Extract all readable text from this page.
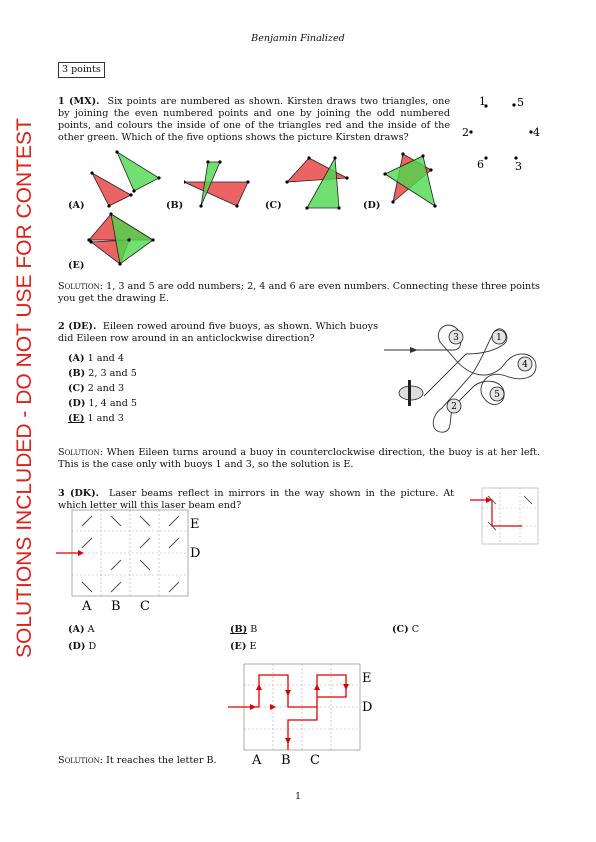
SOLUTIONS INCLUDED - DO NOT USE FOR CONTEST
Benjamin Finalized
3 points
1 (MX). Six points are numbered as shown. Kirsten draws two triangles, one by joining the even numbered points and one by joining the odd numbered points, and colours the inside of one of the triangles red and the inside of the other green. Which of the five options shows the picture Kirsten draws?
1	5
2	4
6	3
(A)	(B)	(C)	(D)
(E)
Solution: 1, 3 and 5 are odd numbers; 2, 4 and 6 are even numbers. Connecting these three points you get the drawing E.
2 (DE). Eileen rowed around five buoys, as shown. Which buoys did Eileen row around in an anticlockwise direction?
(A) 1 and 4
(B) 2, 3 and 5
(C) 2 and 3
(D) 1, 4 and 5
(E) 1 and 3
3	1
4
5
2
Solution: When Eileen turns around a buoy in counterclockwise direction, the buoy is at her left. This is the case only with buoys 1 and 3, so the solution is E.
3 (DK). Laser beams reflect in mirrors in the way shown in the picture. At which letter will this laser beam end?
E
D
A B C
(A) A	(B) B	(C) C
(D) D	(E) E
E
D
A B C
Solution: It reaches the letter B.
1
